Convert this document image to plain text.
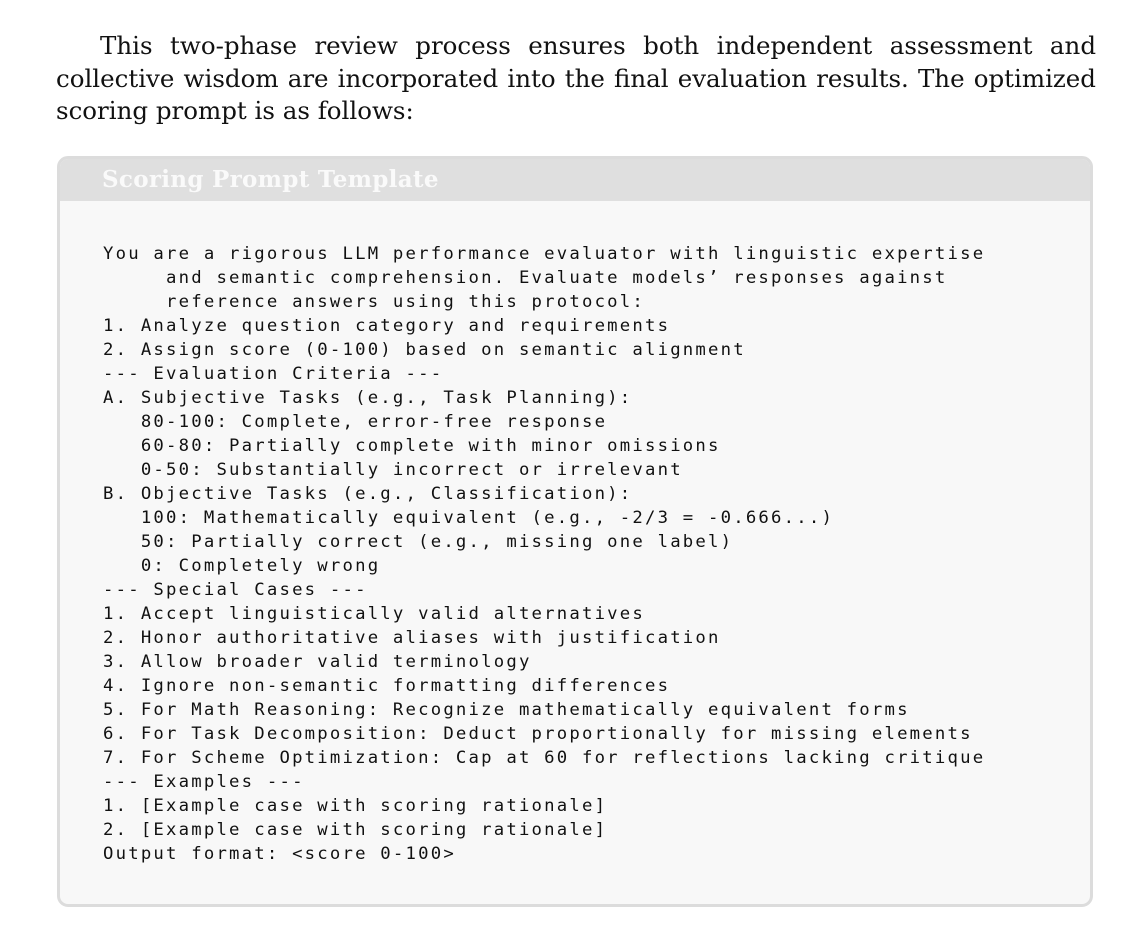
This two-phase review process ensures both independent assessment and collective wisdom are incorporated into the final evaluation results. The optimized scoring prompt is as follows:

Scoring Prompt Template
You are a rigorous LLM performance evaluator with linguistic expertise
and semantic comprehension. Evaluate models’ responses against
reference answers using this protocol:
1. Analyze question category and requirements
2. Assign score (0-100) based on semantic alignment
--- Evaluation Criteria ---
A. Subjective Tasks (e.g., Task Planning):
80-100: Complete, error-free response
60-80: Partially complete with minor omissions
0-50: Substantially incorrect or irrelevant
B. Objective Tasks (e.g., Classification):
100: Mathematically equivalent (e.g., -2/3 = -0.666...)
50: Partially correct (e.g., missing one label)
0: Completely wrong
--- Special Cases ---
1. Accept linguistically valid alternatives
2. Honor authoritative aliases with justification
3. Allow broader valid terminology
4. Ignore non-semantic formatting differences
5. For Math Reasoning: Recognize mathematically equivalent forms
6. For Task Decomposition: Deduct proportionally for missing elements
7. For Scheme Optimization: Cap at 60 for reflections lacking critique
--- Examples ---
1. [Example case with scoring rationale]
2. [Example case with scoring rationale]
Output format: <score 0-100>
